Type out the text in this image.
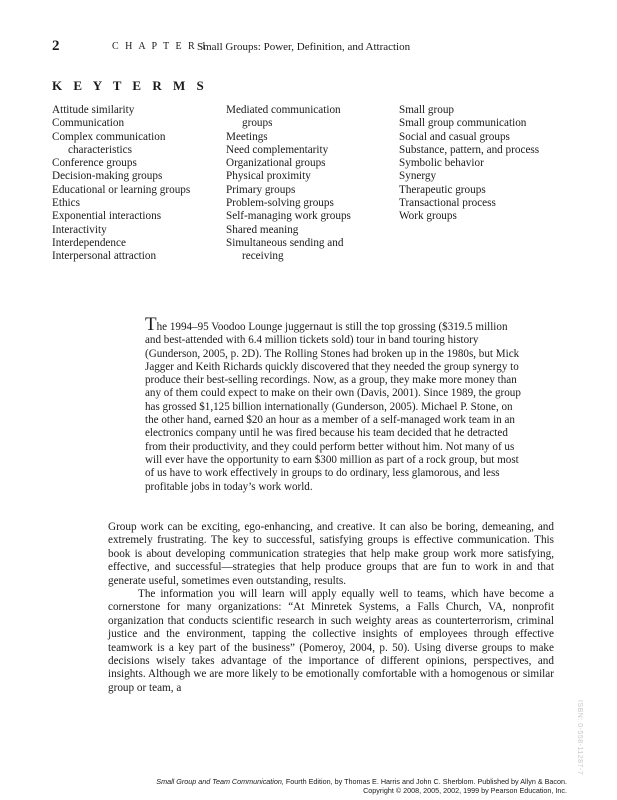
2	C H A P T E R 1
Small Groups: Power, Definition, and Attraction
K E Y T E R M S
Attitude similarity
Communication
Complex communication
characteristics
Conference groups
Decision-making groups
Educational or learning groups
Ethics
Exponential interactions
Interactivity
Interdependence
Interpersonal attraction
Mediated communication
groups
Meetings
Need complementarity
Organizational groups
Physical proximity
Primary groups
Problem-solving groups
Self-managing work groups
Shared meaning
Simultaneous sending and
receiving
Small group
Small group communication
Social and casual groups
Substance, pattern, and process
Symbolic behavior
Synergy
Therapeutic groups
Transactional process
Work groups
The 1994–95 Voodoo Lounge juggernaut is still the top grossing ($319.5 million
and best-attended with 6.4 million tickets sold) tour in band touring history
(Gunderson, 2005, p. 2D). The Rolling Stones had broken up in the 1980s, but Mick
Jagger and Keith Richards quickly discovered that they needed the group synergy to
produce their best-selling recordings. Now, as a group, they make more money than
any of them could expect to make on their own (Davis, 2001). Since 1989, the group
has grossed $1,125 billion internationally (Gunderson, 2005). Michael P. Stone, on
the other hand, earned $20 an hour as a member of a self-managed work team in an
electronics company until he was fired because his team decided that he detracted
from their productivity, and they could perform better without him. Not many of us
will ever have the opportunity to earn $300 million as part of a rock group, but most
of us have to work effectively in groups to do ordinary, less glamorous, and less
profitable jobs in today’s work world.

Group work can be exciting, ego-enhancing, and creative. It can also be boring, demeaning, and extremely frustrating. The key to successful, satisfying groups is effective communication. This book is about developing communication strategies that help make group work more satisfying, effective, and successful—strategies that help produce groups that are fun to work in and that generate useful, sometimes even outstanding, results.

The information you will learn will apply equally well to teams, which have become a cornerstone for many organizations: “At Minretek Systems, a Falls Church, VA, nonprofit organization that conducts scientific research in such weighty areas as counterterrorism, criminal justice and the environment, tapping the collective insights of employees through effective teamwork is a key part of the business” (Pomeroy, 2004, p. 50). Using diverse groups to make decisions wisely takes advantage of the importance of different opinions, perspectives, and insights. Although we are more likely to be emotionally comfortable with a homogenous or similar group or team, a

ISBN: 0-558-11287-7
Small Group and Team Communication, Fourth Edition, by Thomas E. Harris and John C. Sherblom. Published by Allyn & Bacon.
Copyright © 2008, 2005, 2002, 1999 by Pearson Education, Inc.
